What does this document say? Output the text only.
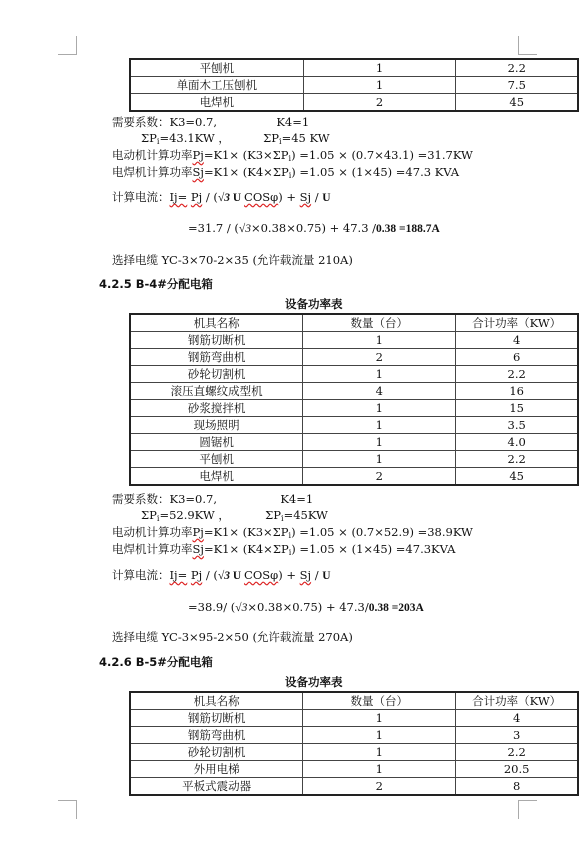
平刨机	1	2.2
单面木工压刨机	1	7.5
电焊机	2	45
需要系数：K3=0.7,	K4=1
$\Sigma P_i=43.1KW$ ，	$\Sigma P_i=45$ KW
电动机计算功率$Pj=K1\times (K3\times\Sigma P_i) =1.05 \times (0.7\times 43.1) =31.7KW$
电焊机计算功率$Sj=K1\times (K4\times\Sigma P_i) =1.05 \times (1\times 45) =47.3$ KVA
计算电流：Ij= Pj / (√3 U COSφ) + Sj / U
=31.7 / (√3×0.38×0.75) + 47.3 /0.38 =188.7A
选择电缆 YC-3×70-2×35 (允许载流量 210A)
4.2.5 B-4#分配电箱
设备功率表
机具名称	数量（台）	合计功率（KW）
钢筋切断机	1	4
钢筋弯曲机	2	6
砂轮切割机	1	2.2
滚压直螺纹成型机	4	16
砂浆搅拌机	1	15
现场照明	1	3.5
圆锯机	1	4.0
平刨机	1	2.2
电焊机	2	45
需要系数：K3=0.7,	K4=1
$\Sigma P_i=52.9KW$ ，	$\Sigma P_i=45KW$
电动机计算功率$Pj=K1\times (K3\times\Sigma P_i) =1.05 \times (0.7\times 52.9) =38.9KW$
电焊机计算功率$Sj=K1\times (K4\times\Sigma P_i) =1.05 \times (1\times 45) =47.3KVA$
计算电流：Ij= Pj / (√3 U COSφ) + Sj / U
=38.9/ (√3×0.38×0.75) + 47.3/0.38 =203A
选择电缆 YC-3×95-2×50 (允许载流量 270A)
4.2.6 B-5#分配电箱
设备功率表
机具名称	数量（台）	合计功率（KW）
钢筋切断机	1	4
钢筋弯曲机	1	3
砂轮切割机	1	2.2
外用电梯	1	20.5
平板式震动器	2	8
